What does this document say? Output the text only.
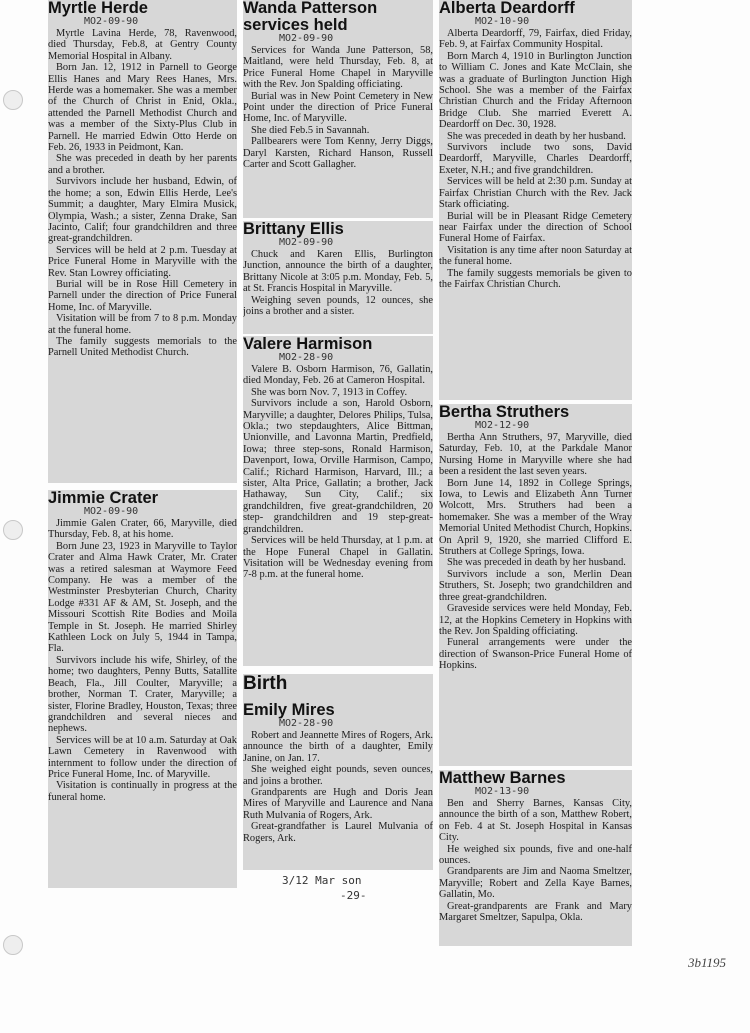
Myrtle Herde

MO2-09-90

Myrtle Lavina Herde, 78, Ravenwood, died Thursday, Feb.8, at Gentry County Memorial Hospital in Albany.

Born Jan. 12, 1912 in Parnell to George Ellis Hanes and Mary Rees Hanes, Mrs. Herde was a homemaker. She was a member of the Church of Christ in Enid, Okla., attended the Parnell Methodist Church and was a member of the Sixty-Plus Club in Parnell. He married Edwin Otto Herde on Feb. 26, 1933 in Peidmont, Kan.

She was preceded in death by her parents and a brother.

Survivors include her husband, Edwin, of the home; a son, Edwin Ellis Herde, Lee's Summit; a daughter, Mary Elmira Musick, Olympia, Wash.; a sister, Zenna Drake, San Jacinto, Calif; four grandchildren and three great-grandchildren.

Services will be held at 2 p.m. Tuesday at Price Funeral Home in Maryville with the Rev. Stan Lowrey officiating.

Burial will be in Rose Hill Cemetery in Parnell under the direction of Price Funeral Home, Inc. of Maryville.

Visitation will be from 7 to 8 p.m. Monday at the funeral home.

The family suggests memorials to the Parnell United Methodist Church.

Jimmie Crater

MO2-09-90

Jimmie Galen Crater, 66, Maryville, died Thursday, Feb. 8, at his home.

Born June 23, 1923 in Maryville to Taylor Crater and Alma Hawk Crater, Mr. Crater was a retired salesman at Waymore Feed Company. He was a member of the Westminster Presbyterian Church, Charity Lodge #331 AF & AM, St. Joseph, and the Missouri Scottish Rite Bodies and Moila Temple in St. Joseph. He married Shirley Kathleen Lock on July 5, 1944 in Tampa, Fla.

Survivors include his wife, Shirley, of the home; two daughters, Penny Butts, Satallite Beach, Fla., Jill Coulter, Maryville; a brother, Norman T. Crater, Maryville; a sister, Florine Bradley, Houston, Texas; three grandchildren and several nieces and nephews.

Services will be at 10 a.m. Saturday at Oak Lawn Cemetery in Ravenwood with internment to follow under the direction of Price Funeral Home, Inc. of Maryville.

Visitation is continually in progress at the funeral home.

Wanda Patterson

services held

MO2-09-90

Services for Wanda June Patterson, 58, Maitland, were held Thursday, Feb. 8, at Price Funeral Home Chapel in Maryville with the Rev. Jon Spalding officiating.

Burial was in New Point Cemetery in New Point under the direction of Price Funeral Home, Inc. of Maryville.

She died Feb.5 in Savannah.

Pallbearers were Tom Kenny, Jerry Diggs, Daryl Karsten, Richard Hanson, Russell Carter and Scott Gallagher.

Brittany Ellis

MO2-09-90

Chuck and Karen Ellis, Burlington Junction, announce the birth of a daughter, Brittany Nicole at 3:05 p.m. Monday, Feb. 5, at St. Francis Hospital in Maryville.

Weighing seven pounds, 12 ounces, she joins a brother and a sister.

Valere Harmison

MO2-28-90

Valere B. Osborn Harmison, 76, Gallatin, died Monday, Feb. 26 at Cameron Hospital.

She was born Nov. 7, 1913 in Coffey.

Survivors include a son, Harold Osborn, Maryville; a daughter, Delores Philips, Tulsa, Okla.; two stepdaughters, Alice Bittman, Unionville, and Lavonna Martin, Predfield, Iowa; three step-sons, Ronald Harmison, Davenport, Iowa, Orville Harmison, Campo, Calif.; Richard Harmison, Harvard, Ill.; a sister, Alta Price, Gallatin; a brother, Jack Hathaway, Sun City, Calif.; six grandchildren, five great-grandchildren, 20 step- grandchildren and 19 step-great-grandchildren.

Services will be held Thursday, at 1 p.m. at the Hope Funeral Chapel in Gallatin. Visitation will be Wednesday evening from 7-8 p.m. at the funeral home.

Birth

Emily Mires

MO2-28-90

Robert and Jeannette Mires of Rogers, Ark. announce the birth of a daughter, Emily Janine, on Jan. 17.

She weighed eight pounds, seven ounces, and joins a brother.

Grandparents are Hugh and Doris Jean Mires of Maryville and Laurence and Nana Ruth Mulvania of Rogers, Ark.

Great-grandfather is Laurel Mulvania of Rogers, Ark.

3/12 Mar son
-29-

Alberta Deardorff

MO2-10-90

Alberta Deardorff, 79, Fairfax, died Friday, Feb. 9, at Fairfax Community Hospital.

Born March 4, 1910 in Burlington Junction to William C. Jones and Kate McClain, she was a graduate of Burlington Junction High School. She was a member of the Fairfax Christian Church and the Friday Afternoon Bridge Club. She married Everett A. Deardorff on Dec. 30, 1928.

She was preceded in death by her husband.

Survivors include two sons, David Deardorff, Maryville, Charles Deardorff, Exeter, N.H.; and five grandchildren.

Services will be held at 2:30 p.m. Sunday at Fairfax Christian Church with the Rev. Jack Stark officiating.

Burial will be in Pleasant Ridge Cemetery near Fairfax under the direction of School Funeral Home of Fairfax.

Visitation is any time after noon Saturday at the funeral home.

The family suggests memorials be given to the Fairfax Christian Church.

Bertha Struthers

MO2-12-90

Bertha Ann Struthers, 97, Maryville, died Saturday, Feb. 10, at the Parkdale Manor Nursing Home in Maryville where she had been a resident the last seven years.

Born June 14, 1892 in College Springs, Iowa, to Lewis and Elizabeth Ann Turner Wolcott, Mrs. Struthers had been a homemaker. She was a member of the Wray Memorial United Methodist Church, Hopkins. On April 9, 1920, she married Clifford E. Struthers at College Springs, Iowa.

She was preceded in death by her husband.

Survivors include a son, Merlin Dean Struthers, St. Joseph; two grandchildren and three great-grandchildren.

Graveside services were held Monday, Feb. 12, at the Hopkins Cemetery in Hopkins with the Rev. Jon Spalding officiating.

Funeral arrangements were under the direction of Swanson-Price Funeral Home of Hopkins.

Matthew Barnes

MO2-13-90

Ben and Sherry Barnes, Kansas City, announce the birth of a son, Matthew Robert, on Feb. 4 at St. Joseph Hospital in Kansas City.

He weighed six pounds, five and one-half ounces.

Grandparents are Jim and Naoma Smeltzer, Maryville; Robert and Zella Kaye Barnes, Gallatin, Mo.

Great-grandparents are Frank and Mary Margaret Smeltzer, Sapulpa, Okla.

3b1195
